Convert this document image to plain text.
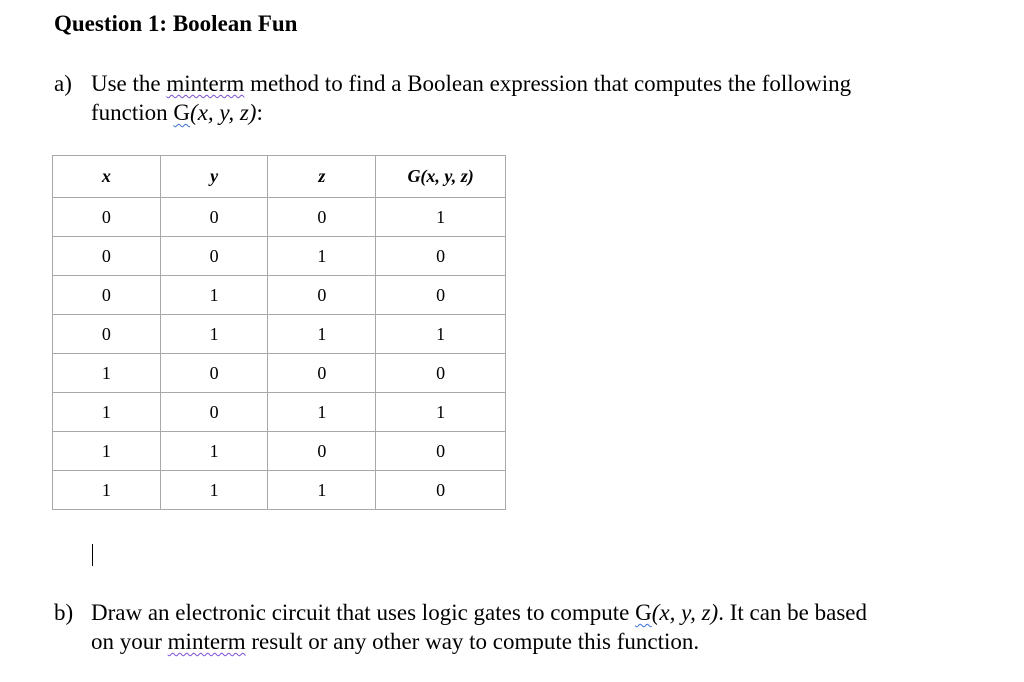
Question 1: Boolean Fun
a) Use the minterm method to find a Boolean expression that computes the following
function G(x, y, z):
x	y	z	G(x, y, z)
0	0	0	1
0	0	1	0
0	1	0	0
0	1	1	1
1	0	0	0
1	0	1	1
1	1	0	0
1	1	1	0
b) Draw an electronic circuit that uses logic gates to compute G(x, y, z). It can be based
on your minterm result or any other way to compute this function.
